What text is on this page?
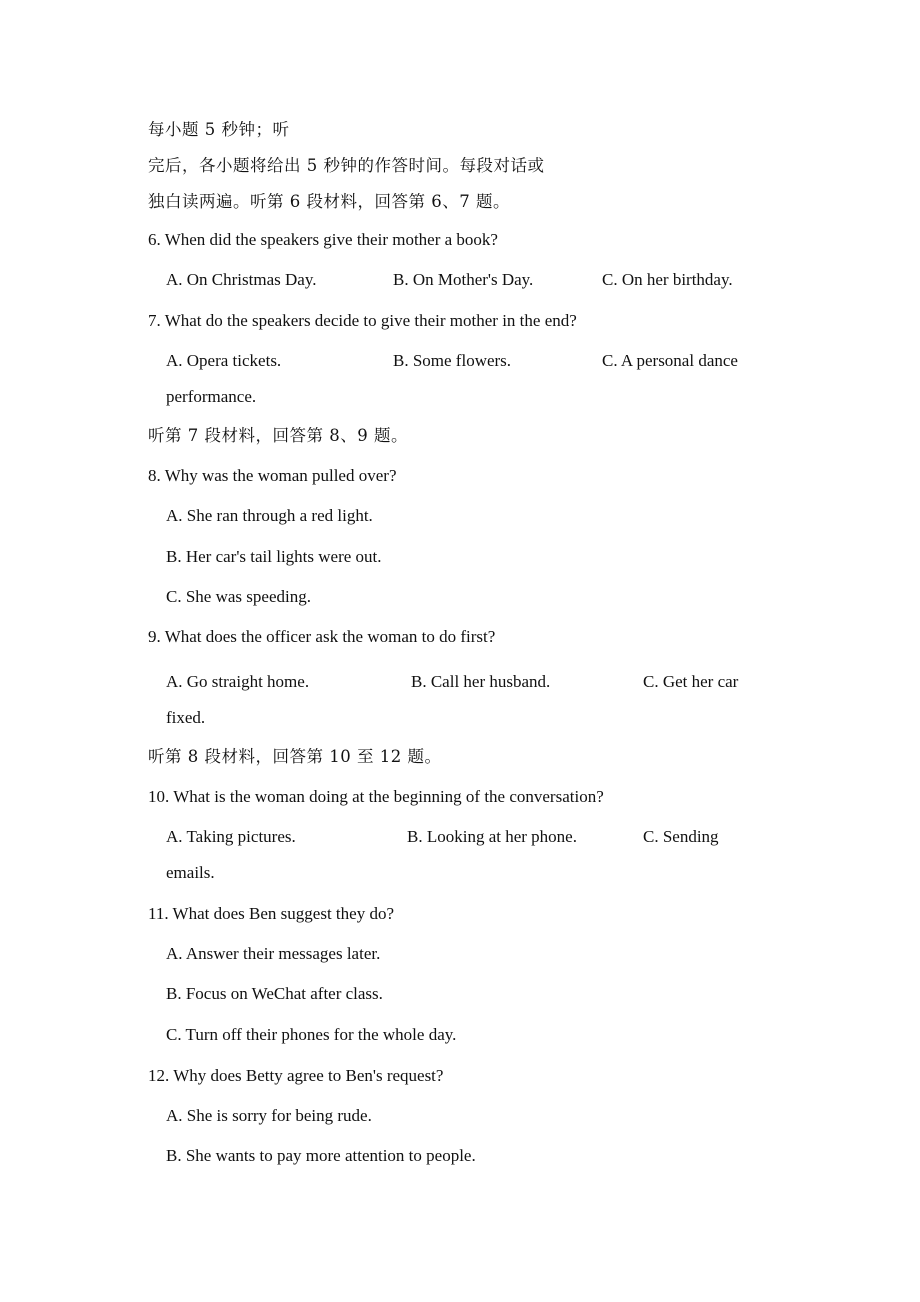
每小题 5 秒钟；听
完后，各小题将给出 5 秒钟的作答时间。每段对话或
独白读两遍。听第 6 段材料，回答第 6、7 题。
6. When did the speakers give their mother a book?
A. On Christmas Day.	B. On Mother's Day.	C. On her birthday.
7. What do the speakers decide to give their mother in the end?
A. Opera tickets.	B. Some flowers.	C. A personal dance
performance.
听第 7 段材料，回答第 8、9 题。
8. Why was the woman pulled over?
A. She ran through a red light.
B. Her car's tail lights were out.
C. She was speeding.
9. What does the officer ask the woman to do first?
A. Go straight home.	B. Call her husband.	C. Get her car
fixed.
听第 8 段材料，回答第 10 至 12 题。
10. What is the woman doing at the beginning of the conversation?
A. Taking pictures.	B. Looking at her phone.	C. Sending
emails.
11. What does Ben suggest they do?
A. Answer their messages later.
B. Focus on WeChat after class.
C. Turn off their phones for the whole day.
12. Why does Betty agree to Ben's request?
A. She is sorry for being rude.
B. She wants to pay more attention to people.
